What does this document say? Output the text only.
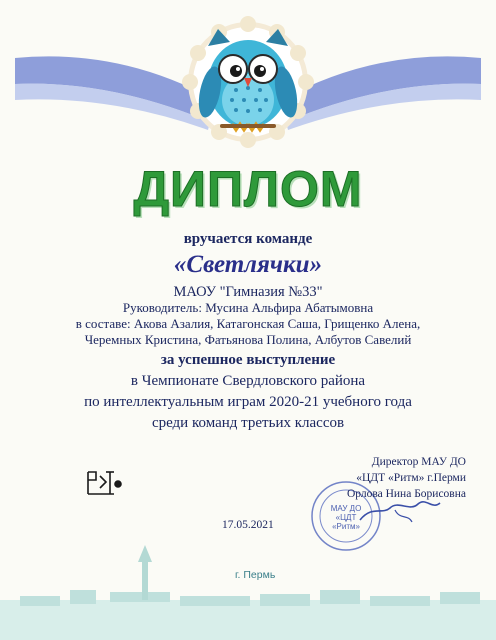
ДИПЛОМ
вручается команде
«Светлячки»
МАОУ "Гимназия №33"
Руководитель: Мусина Альфира Абатымовна
в составе: Акова Азалия, Катагонская Саша, Грищенко Алена,
Черемных Кристина, Фатьянова Полина, Албутов Савелий
за успешное выступление
в Чемпионате Свердловского района
по интеллектуальным играм 2020-21 учебного года
среди команд третьих классов
Директор МАУ ДО
«ЦДТ «Ритм» г.Перми
Орлова Нина Борисовна
МАУ ДО
«ЦДТ
«Ритм»
17.05.2021
г. Пермь
